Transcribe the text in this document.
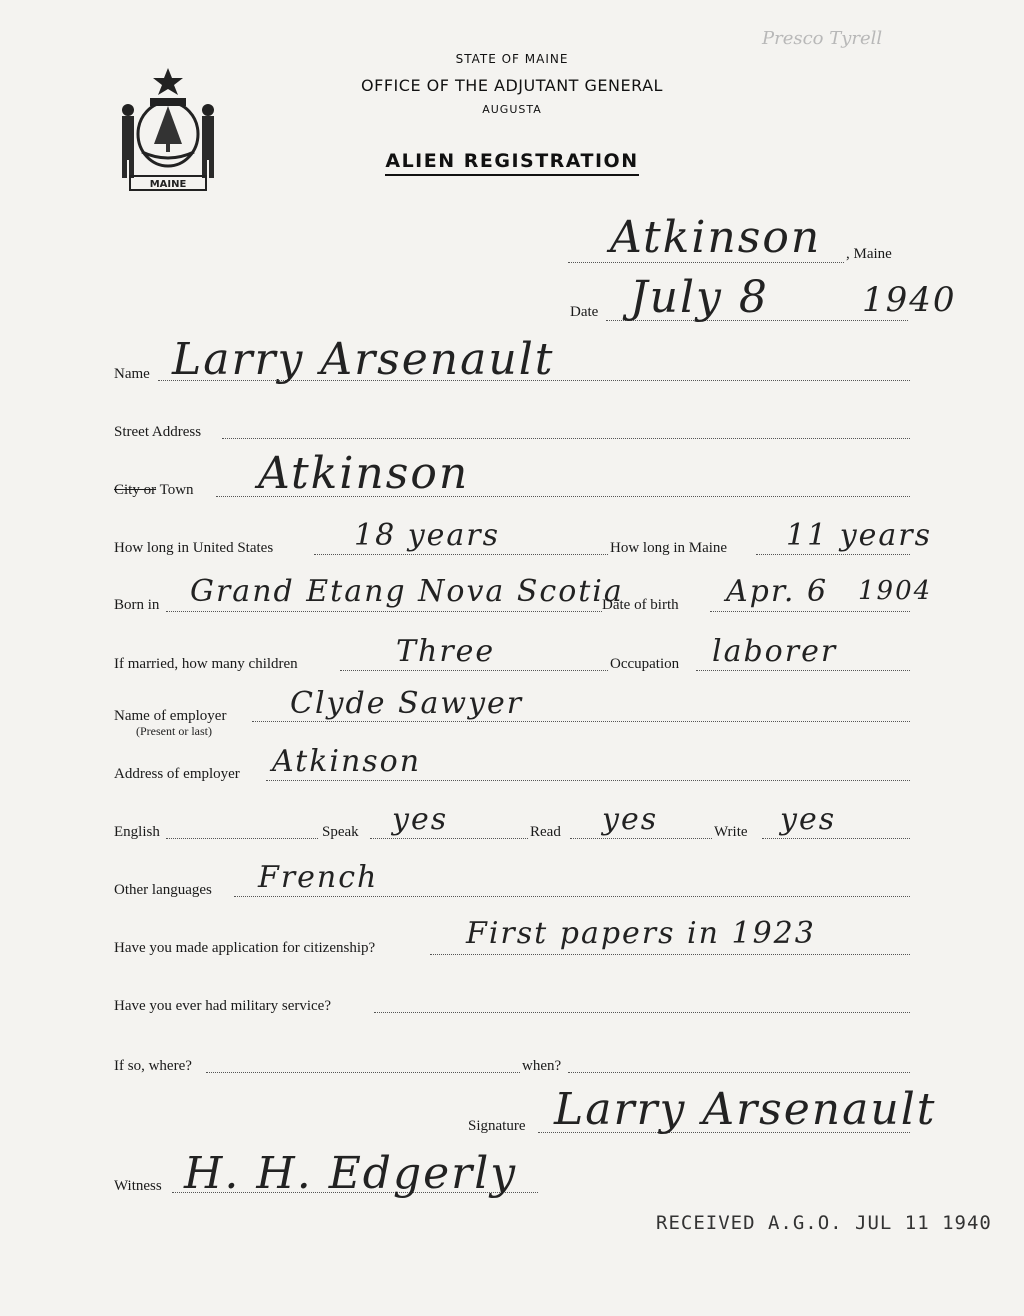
MAINE
STATE OF MAINE
OFFICE OF THE ADJUTANT GENERAL
AUGUSTA
ALIEN REGISTRATION
Presco Tyrell
Atkinson , Maine
Date July 8	1940
Name Larry Arsenault
Street Address
City or Town Atkinson
How long in United States	18 years	How long in Maine 11 years
Born in Grand Etang Nova Scotia
Date of birth Apr. 6 1904
If married, how many children	Three	Occupation laborer
Name of employer
(Present or last)
Clyde Sawyer
Address of employer Atkinson
English	Speak yes	Read yes	Write yes
Other languages French
Have you made application for citizenship?	First papers in 1923
Have you ever had military service?
If so, where?	when?
Signature Larry Arsenault
Witness H. H. Edgerly
RECEIVED A.G.O. JUL 11 1940
